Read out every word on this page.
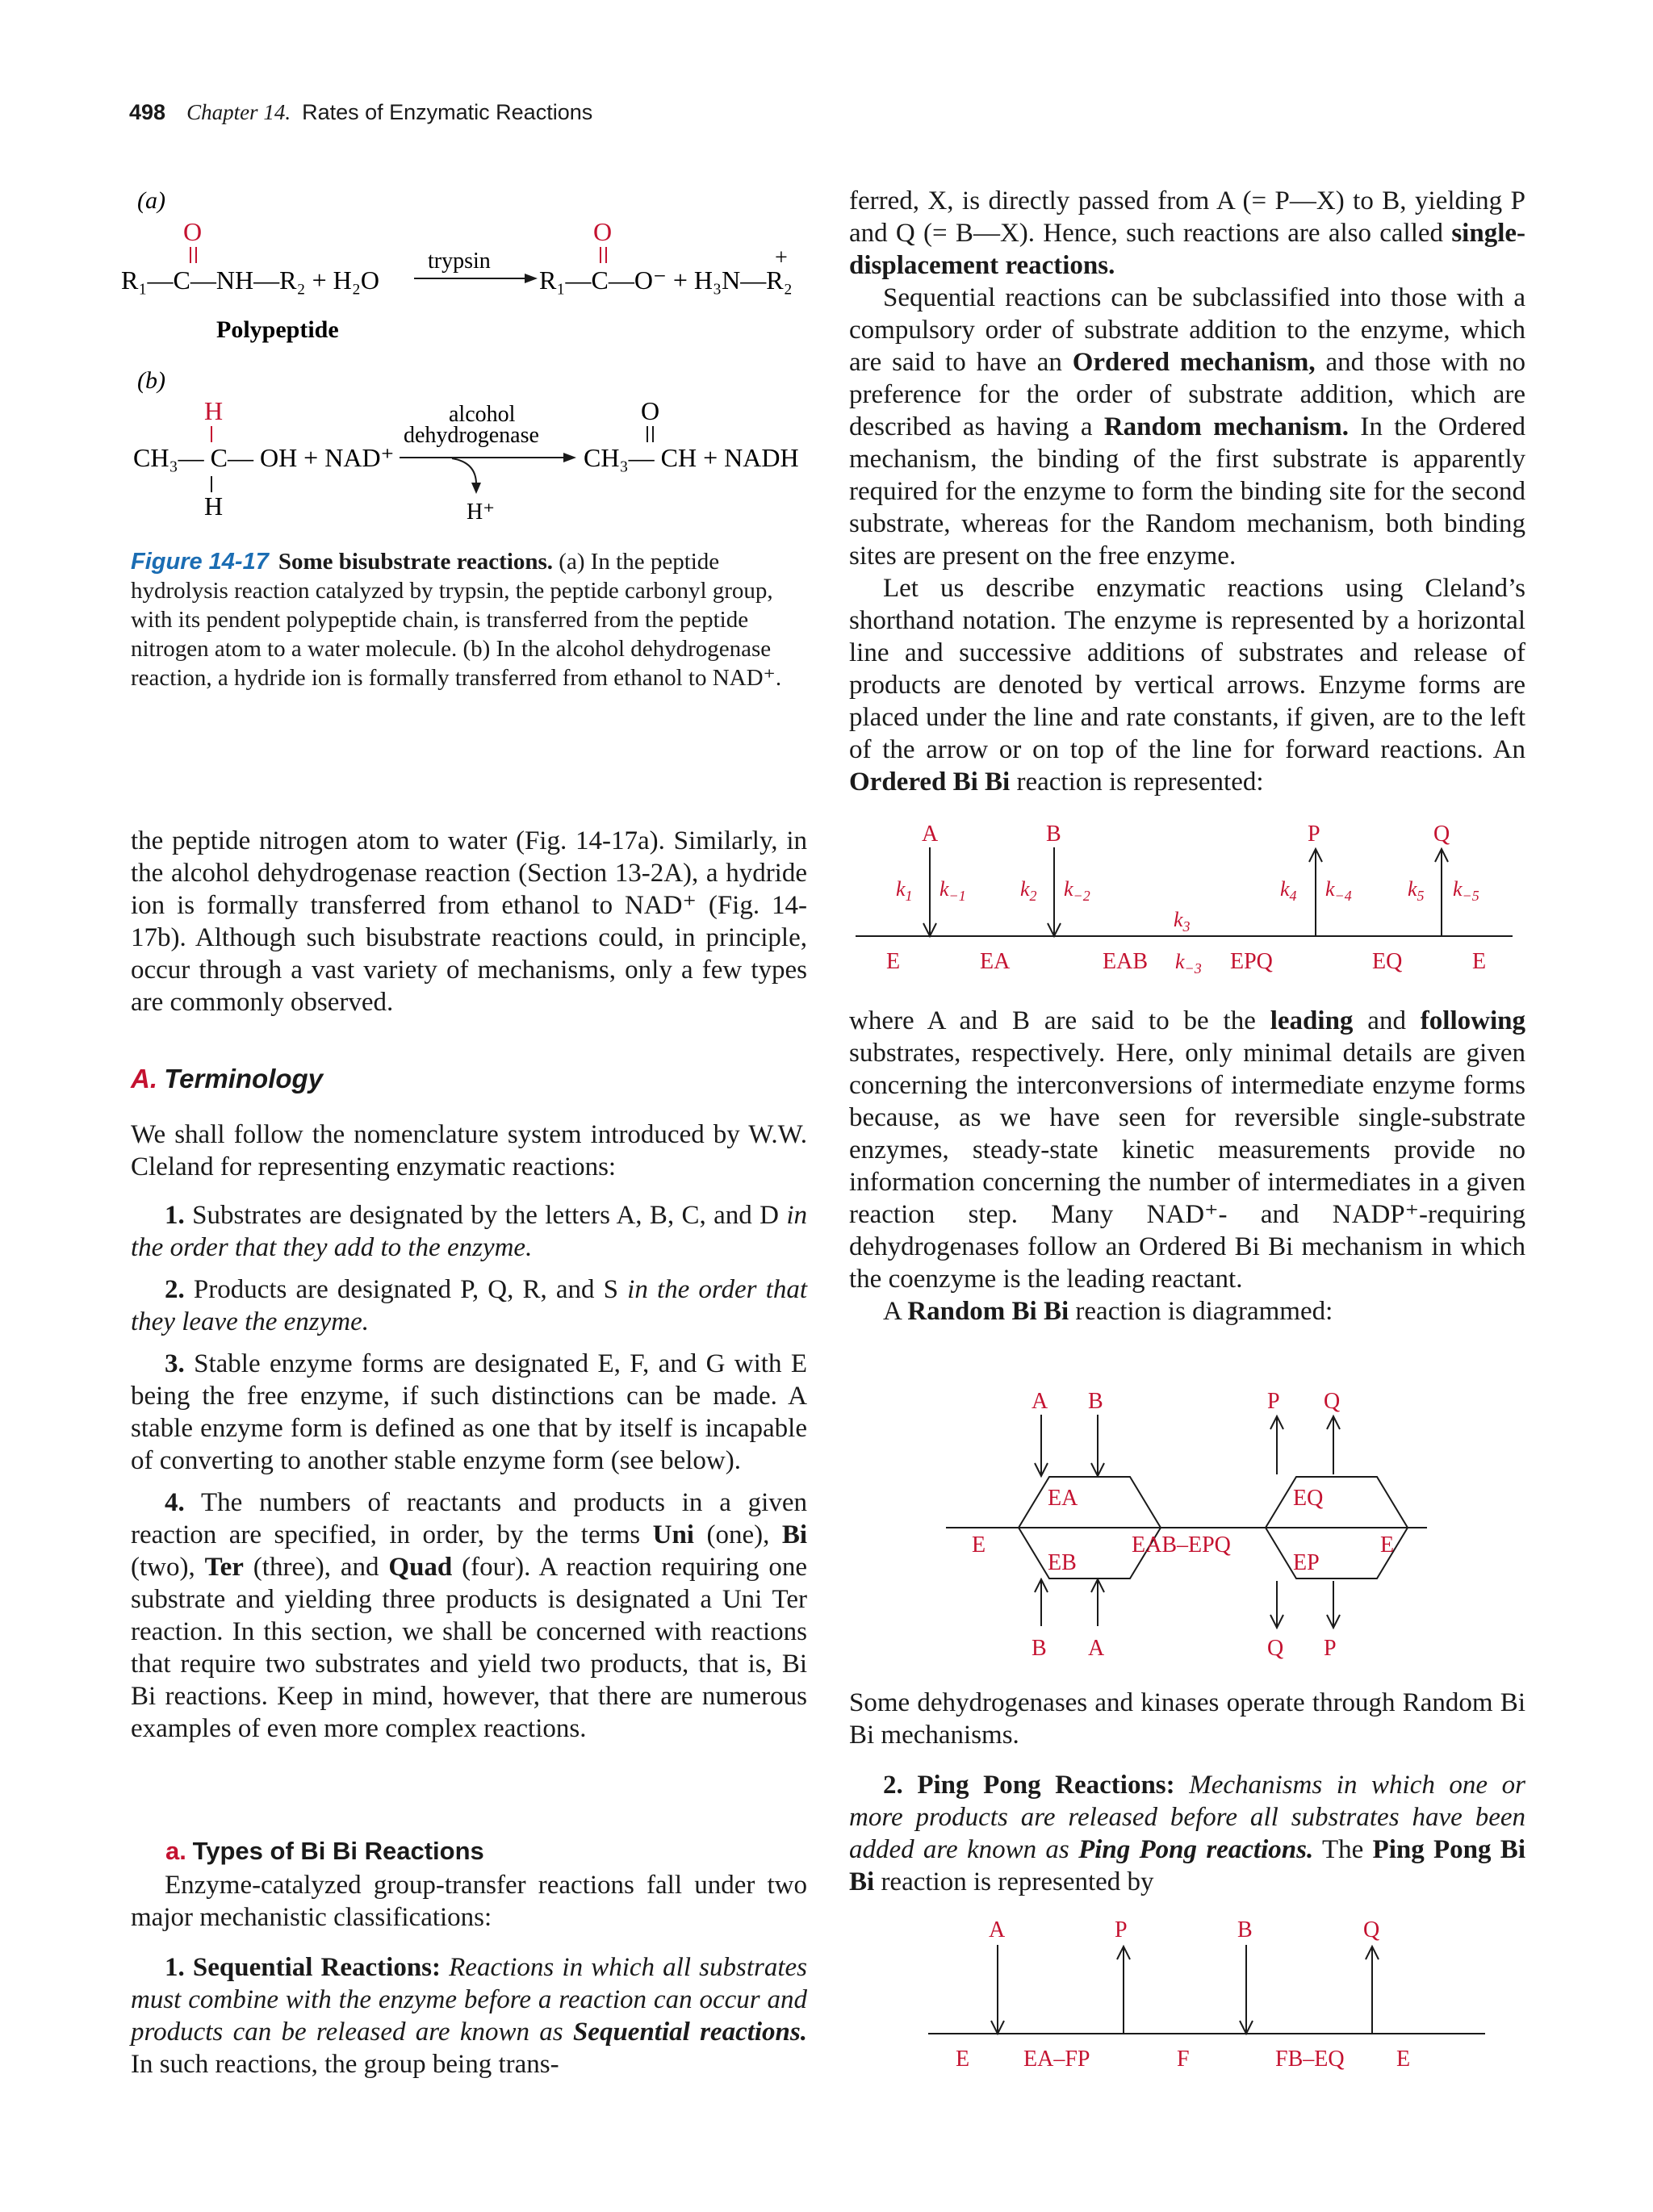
498 Chapter 14. Rates of Enzymatic Reactions
(a)
O
R₁—C—NH—R₂ + H₂O
trypsin
O
+
R₁—C—O⁻ + H₃N—R₂
Polypeptide
(b)
H
CH₃— C— OH + NAD⁺
H
alcohol
dehydrogenase
H⁺
O
CH₃— CH + NADH
Figure 14-17 Some bisubstrate reactions. (a) In the peptide hydrolysis reaction catalyzed by trypsin, the peptide carbonyl group, with its pendent polypeptide chain, is transferred from the peptide nitrogen atom to a water molecule. (b) In the alcohol dehydrogenase reaction, a hydride ion is formally transferred from ethanol to NAD⁺.

the peptide nitrogen atom to water (Fig. 14-17a). Similarly, in the alcohol dehydrogenase reaction (Section 13-2A), a hydride ion is formally transferred from ethanol to NAD⁺ (Fig. 14-17b). Although such bisubstrate reactions could, in principle, occur through a vast variety of mechanisms, only a few types are commonly observed.

A. Terminology

We shall follow the nomenclature system introduced by W.W. Cleland for representing enzymatic reactions:

1. Substrates are designated by the letters A, B, C, and D in the order that they add to the enzyme.

2. Products are designated P, Q, R, and S in the order that they leave the enzyme.

3. Stable enzyme forms are designated E, F, and G with E being the free enzyme, if such distinctions can be made. A stable enzyme form is defined as one that by itself is incapable of converting to another stable enzyme form (see below).

4. The numbers of reactants and products in a given reaction are specified, in order, by the terms Uni (one), Bi (two), Ter (three), and Quad (four). A reaction requiring one substrate and yielding three products is designated a Uni Ter reaction. In this section, we shall be concerned with reactions that require two substrates and yield two products, that is, Bi Bi reactions. Keep in mind, however, that there are numerous examples of even more complex reactions.

a. Types of Bi Bi Reactions

Enzyme-catalyzed group-transfer reactions fall under two major mechanistic classifications:

1. Sequential Reactions: Reactions in which all substrates must combine with the enzyme before a reaction can occur and products can be released are known as Sequential reactions. In such reactions, the group being trans-

ferred, X, is directly passed from A (= P—X) to B, yielding P and Q (= B—X). Hence, such reactions are also called single-displacement reactions.

Sequential reactions can be subclassified into those with a compulsory order of substrate addition to the enzyme, which are said to have an Ordered mechanism, and those with no preference for the order of substrate addition, which are described as having a Random mechanism. In the Ordered mechanism, the binding of the first substrate is apparently required for the enzyme to form the binding site for the second substrate, whereas for the Random mechanism, both binding sites are present on the free enzyme.

Let us describe enzymatic reactions using Cleland’s shorthand notation. The enzyme is represented by a horizontal line and successive additions of substrates and release of products are denoted by vertical arrows. Enzyme forms are placed under the line and rate constants, if given, are to the left of the arrow or on top of the line for forward reactions. An Ordered Bi Bi reaction is represented:

A	B	P	Q
$k_1$ $k_{-1}$	$k_2$ $k_{-2}$
$k_3$
$k_4$ $k_{-4}$	$k_5$ $k_{-5}$
$k_{-3}$
E	EA	EAB	EPQ	EQ	E

where A and B are said to be the leading and following substrates, respectively. Here, only minimal details are given concerning the interconversions of intermediate enzyme forms because, as we have seen for reversible single-substrate enzymes, steady-state kinetic measurements provide no information concerning the number of intermediates in a given reaction step. Many NAD⁺- and NADP⁺-requiring dehydrogenases follow an Ordered Bi Bi mechanism in which the coenzyme is the leading reactant.

A Random Bi Bi reaction is diagrammed:

A B	P Q
B A	Q P
E
EA
EB
EAB–EPQ
EQ
EP
E

Some dehydrogenases and kinases operate through Random Bi Bi mechanisms.

2. Ping Pong Reactions: Mechanisms in which one or more products are released before all substrates have been added are known as Ping Pong reactions. The Ping Pong Bi Bi reaction is represented by

A	P	B	Q
E EA–FP	F	FB–EQ E
